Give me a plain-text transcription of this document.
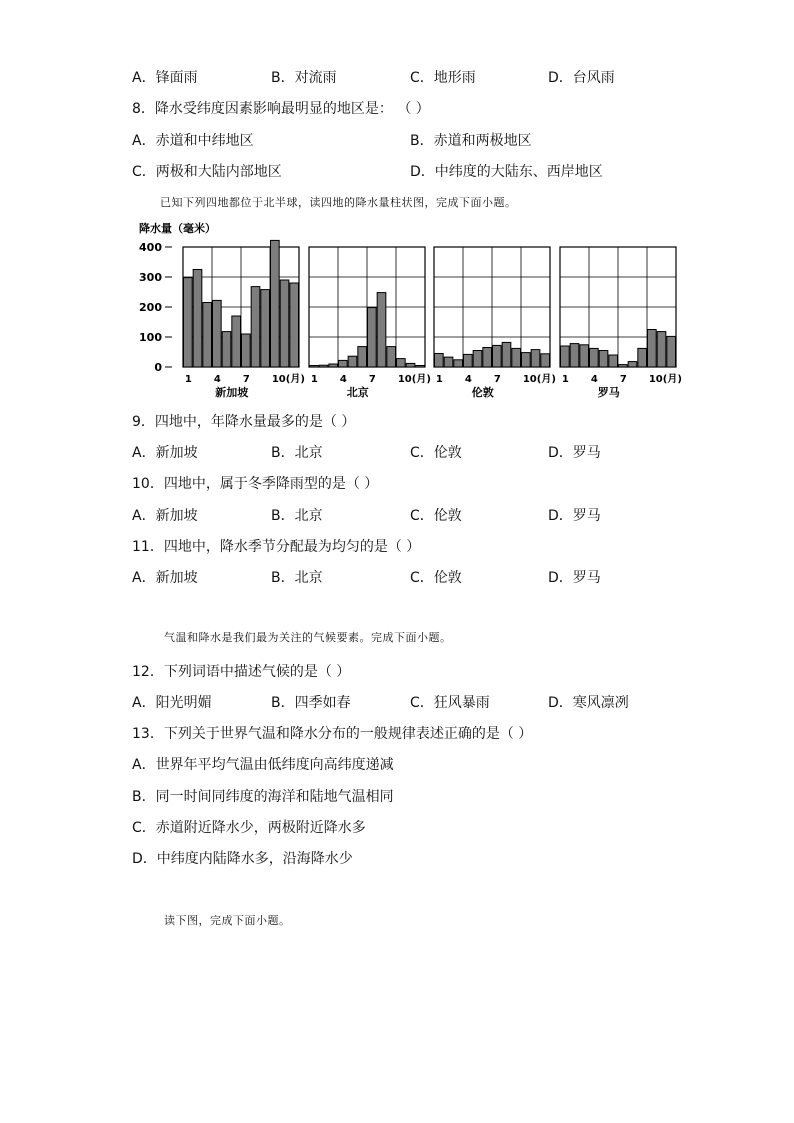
A．锋面雨	B．对流雨	C．地形雨	D．台风雨
8．降水受纬度因素影响最明显的地区是： （ ）
A．赤道和中纬地区	B．赤道和两极地区
C．两极和大陆内部地区	D．中纬度的大陆东、西岸地区
已知下列四地都位于北半球，读四地的降水量柱状图，完成下面小题。
降水量（毫米）
400
300
200
100
0
1 4 7 10(月)
新加坡
1 4 7 10(月)
北京
1 4 7 10(月)
伦敦
1 4 7 10(月)
罗马
9．四地中，年降水量最多的是（ ）
A．新加坡	B．北京	C．伦敦	D．罗马
10．四地中，属于冬季降雨型的是（ ）
A．新加坡	B．北京	C．伦敦	D．罗马
11．四地中，降水季节分配最为均匀的是（ ）
A．新加坡	B．北京	C．伦敦	D．罗马
气温和降水是我们最为关注的气候要素。完成下面小题。
12．下列词语中描述气候的是（ ）
A．阳光明媚	B．四季如春	C．狂风暴雨	D．寒风凛冽
13．下列关于世界气温和降水分布的一般规律表述正确的是（ ）
A．世界年平均气温由低纬度向高纬度递减
B．同一时间同纬度的海洋和陆地气温相同
C．赤道附近降水少，两极附近降水多
D．中纬度内陆降水多，沿海降水少
读下图，完成下面小题。
